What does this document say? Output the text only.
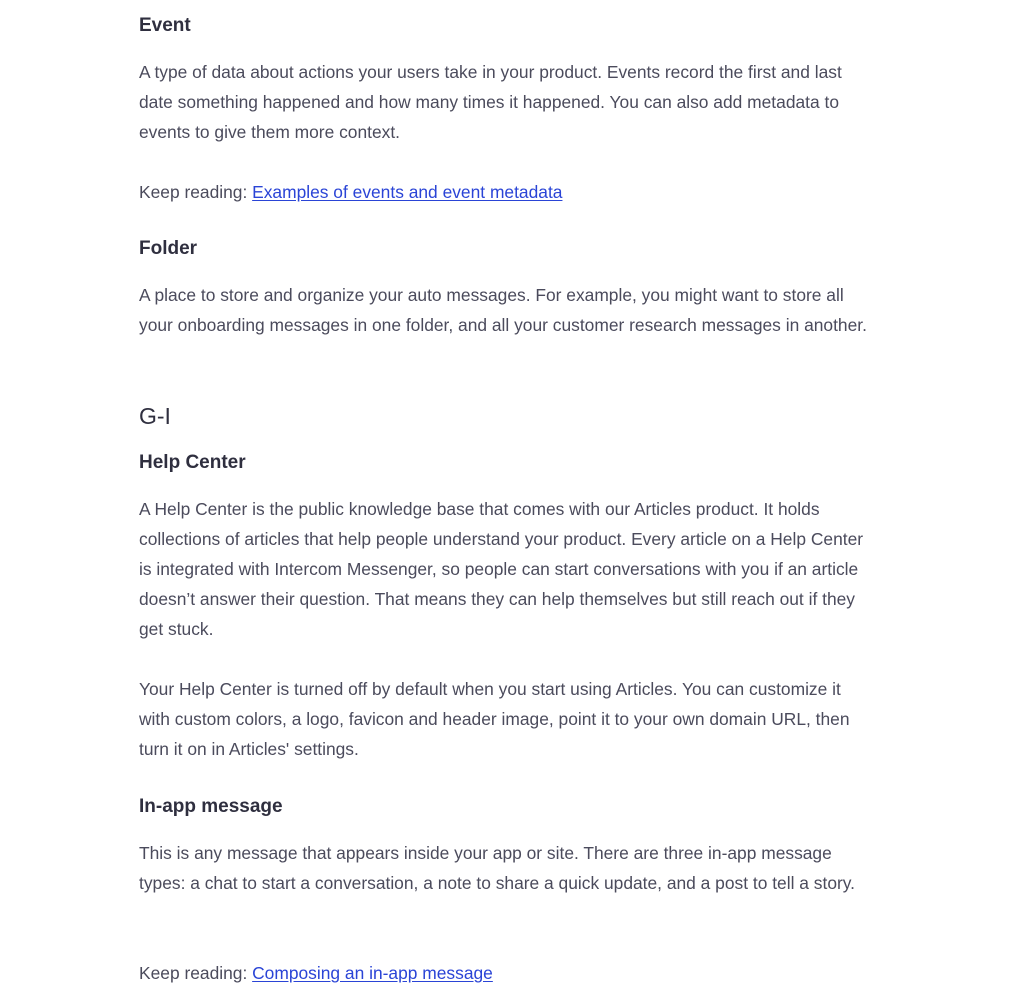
Event

A type of data about actions your users take in your product. Events record the first and last date something happened and how many times it happened. You can also add metadata to events to give them more context.

Keep reading: Examples of events and event metadata

Folder

A place to store and organize your auto messages. For example, you might want to store all your onboarding messages in one folder, and all your customer research messages in another.

G-I
Help Center

A Help Center is the public knowledge base that comes with our Articles product. It holds collections of articles that help people understand your product. Every article on a Help Center is integrated with Intercom Messenger, so people can start conversations with you if an article doesn’t answer their question. That means they can help themselves but still reach out if they get stuck.

Your Help Center is turned off by default when you start using Articles. You can customize it with custom colors, a logo, favicon and header image, point it to your own domain URL, then turn it on in Articles' settings.

In-app message

This is any message that appears inside your app or site. There are three in-app message types: a chat to start a conversation, a note to share a quick update, and a post to tell a story.

Keep reading: Composing an in-app message
